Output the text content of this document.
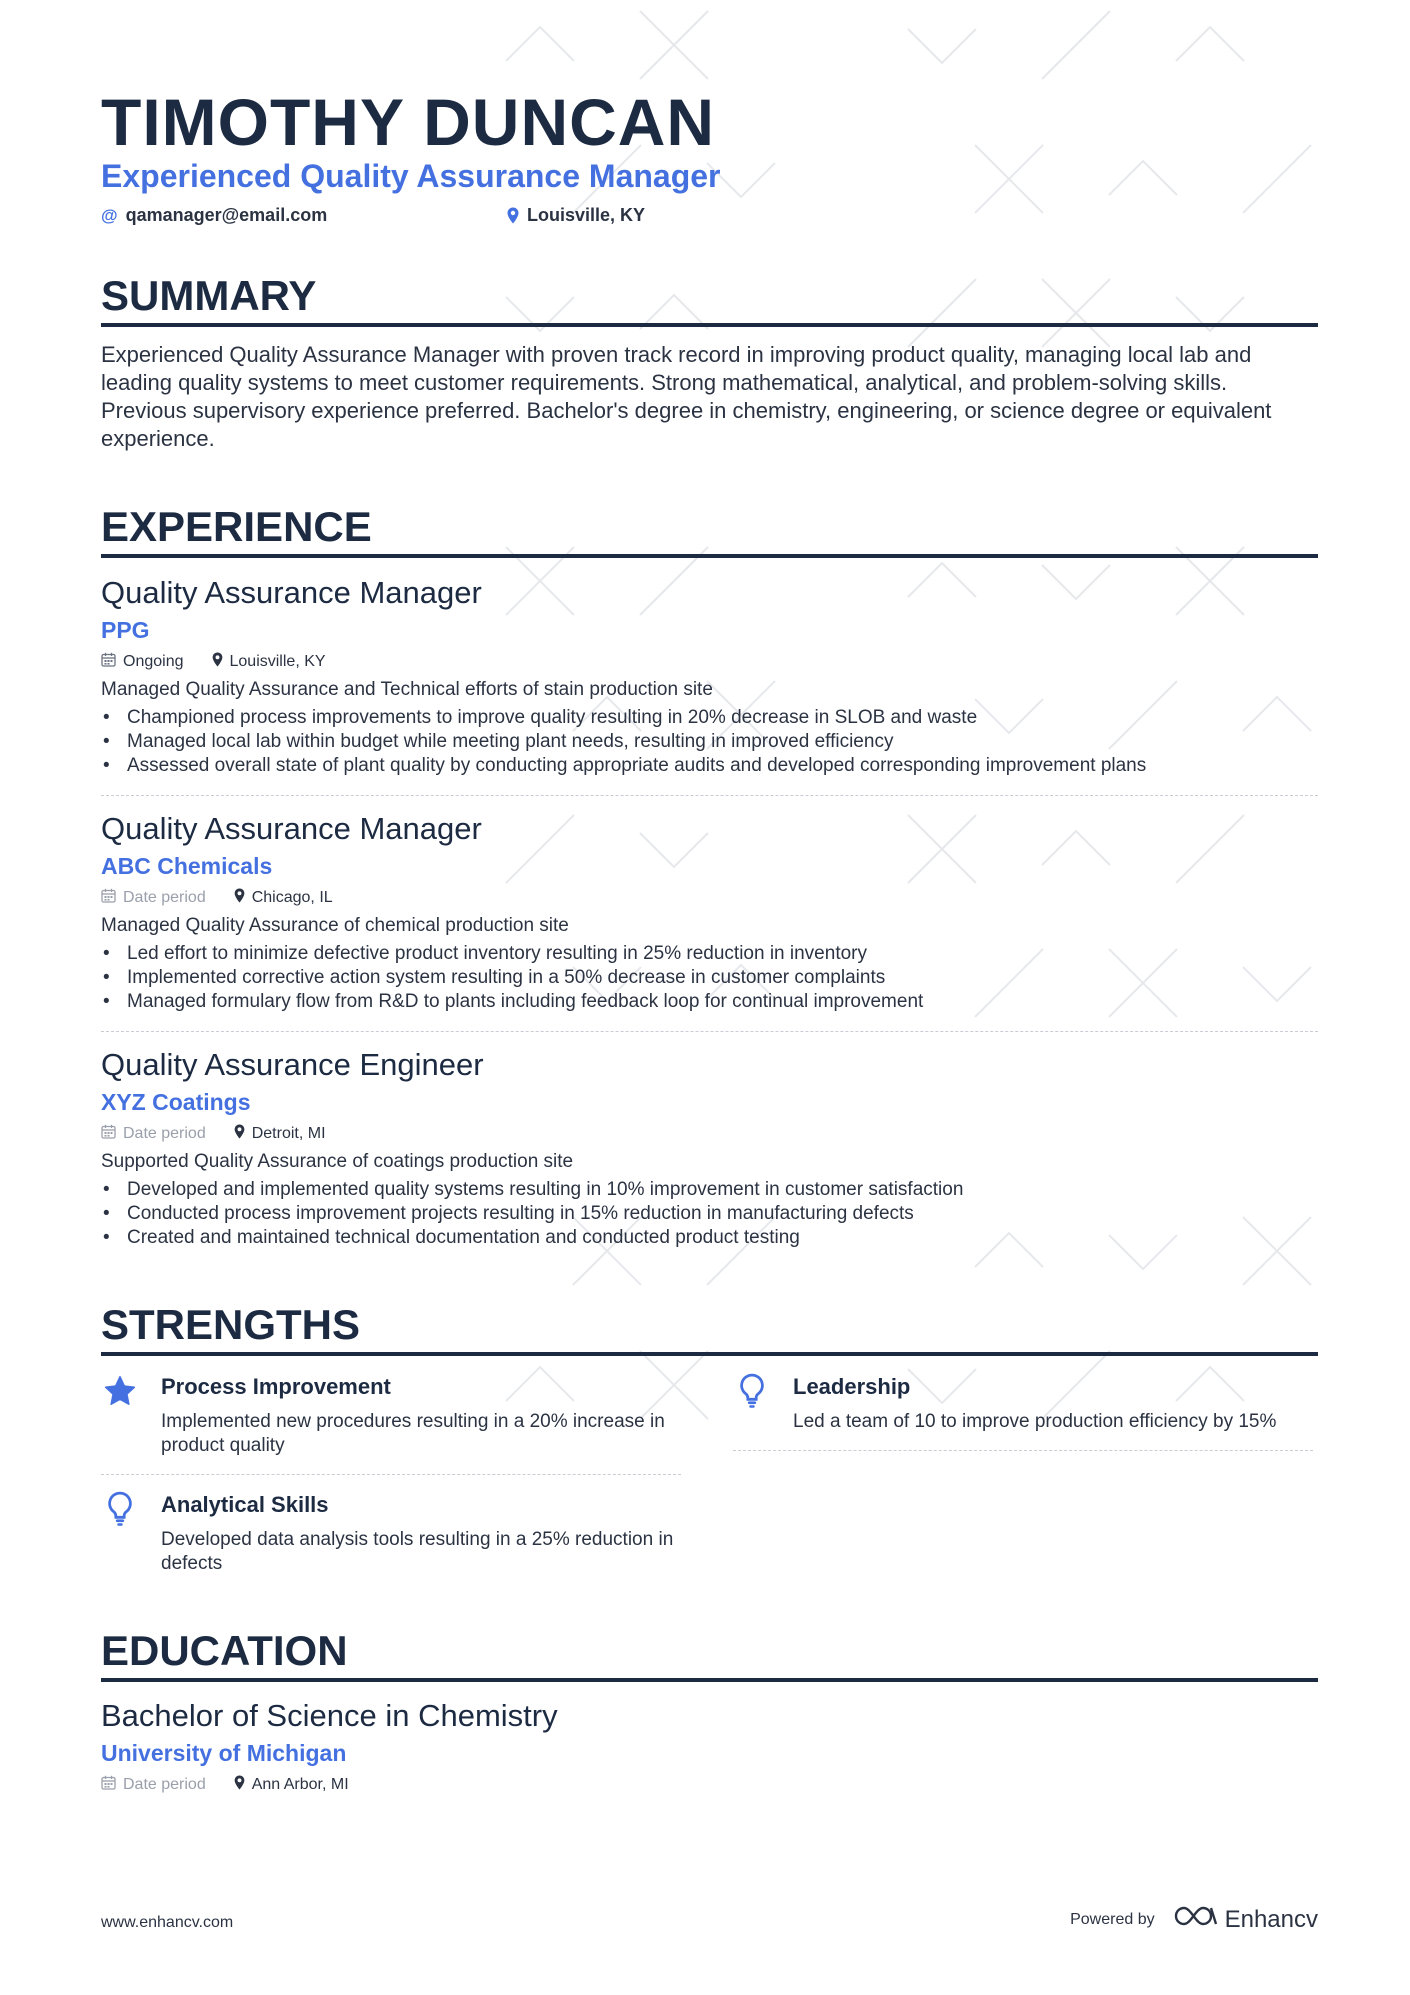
TIMOTHY DUNCAN
Experienced Quality Assurance Manager
@ qamanager@email.com	Louisville, KY
SUMMARY
Experienced Quality Assurance Manager with proven track record in improving product quality, managing local lab and leading quality systems to meet customer requirements. Strong mathematical, analytical, and problem-solving skills. Previous supervisory experience preferred. Bachelor's degree in chemistry, engineering, or science degree or equivalent experience.
EXPERIENCE
Quality Assurance Manager
PPG
Ongoing	Louisville, KY
Managed Quality Assurance and Technical efforts of stain production site
• Championed process improvements to improve quality resulting in 20% decrease in SLOB and waste
• Managed local lab within budget while meeting plant needs, resulting in improved efficiency
• Assessed overall state of plant quality by conducting appropriate audits and developed corresponding improvement plans
Quality Assurance Manager
ABC Chemicals
Date period	Chicago, IL
Managed Quality Assurance of chemical production site
• Led effort to minimize defective product inventory resulting in 25% reduction in inventory
• Implemented corrective action system resulting in a 50% decrease in customer complaints
• Managed formulary flow from R&D to plants including feedback loop for continual improvement
Quality Assurance Engineer
XYZ Coatings
Date period	Detroit, MI
Supported Quality Assurance of coatings production site
• Developed and implemented quality systems resulting in 10% improvement in customer satisfaction
• Conducted process improvement projects resulting in 15% reduction in manufacturing defects
• Created and maintained technical documentation and conducted product testing
STRENGTHS
Process Improvement
Implemented new procedures resulting in a 20% increase in product quality
Leadership
Led a team of 10 to improve production efficiency by 15%
Analytical Skills
Developed data analysis tools resulting in a 25% reduction in defects
EDUCATION
Bachelor of Science in Chemistry
University of Michigan
Date period	Ann Arbor, MI
www.enhancv.com	Powered by	Enhancv
